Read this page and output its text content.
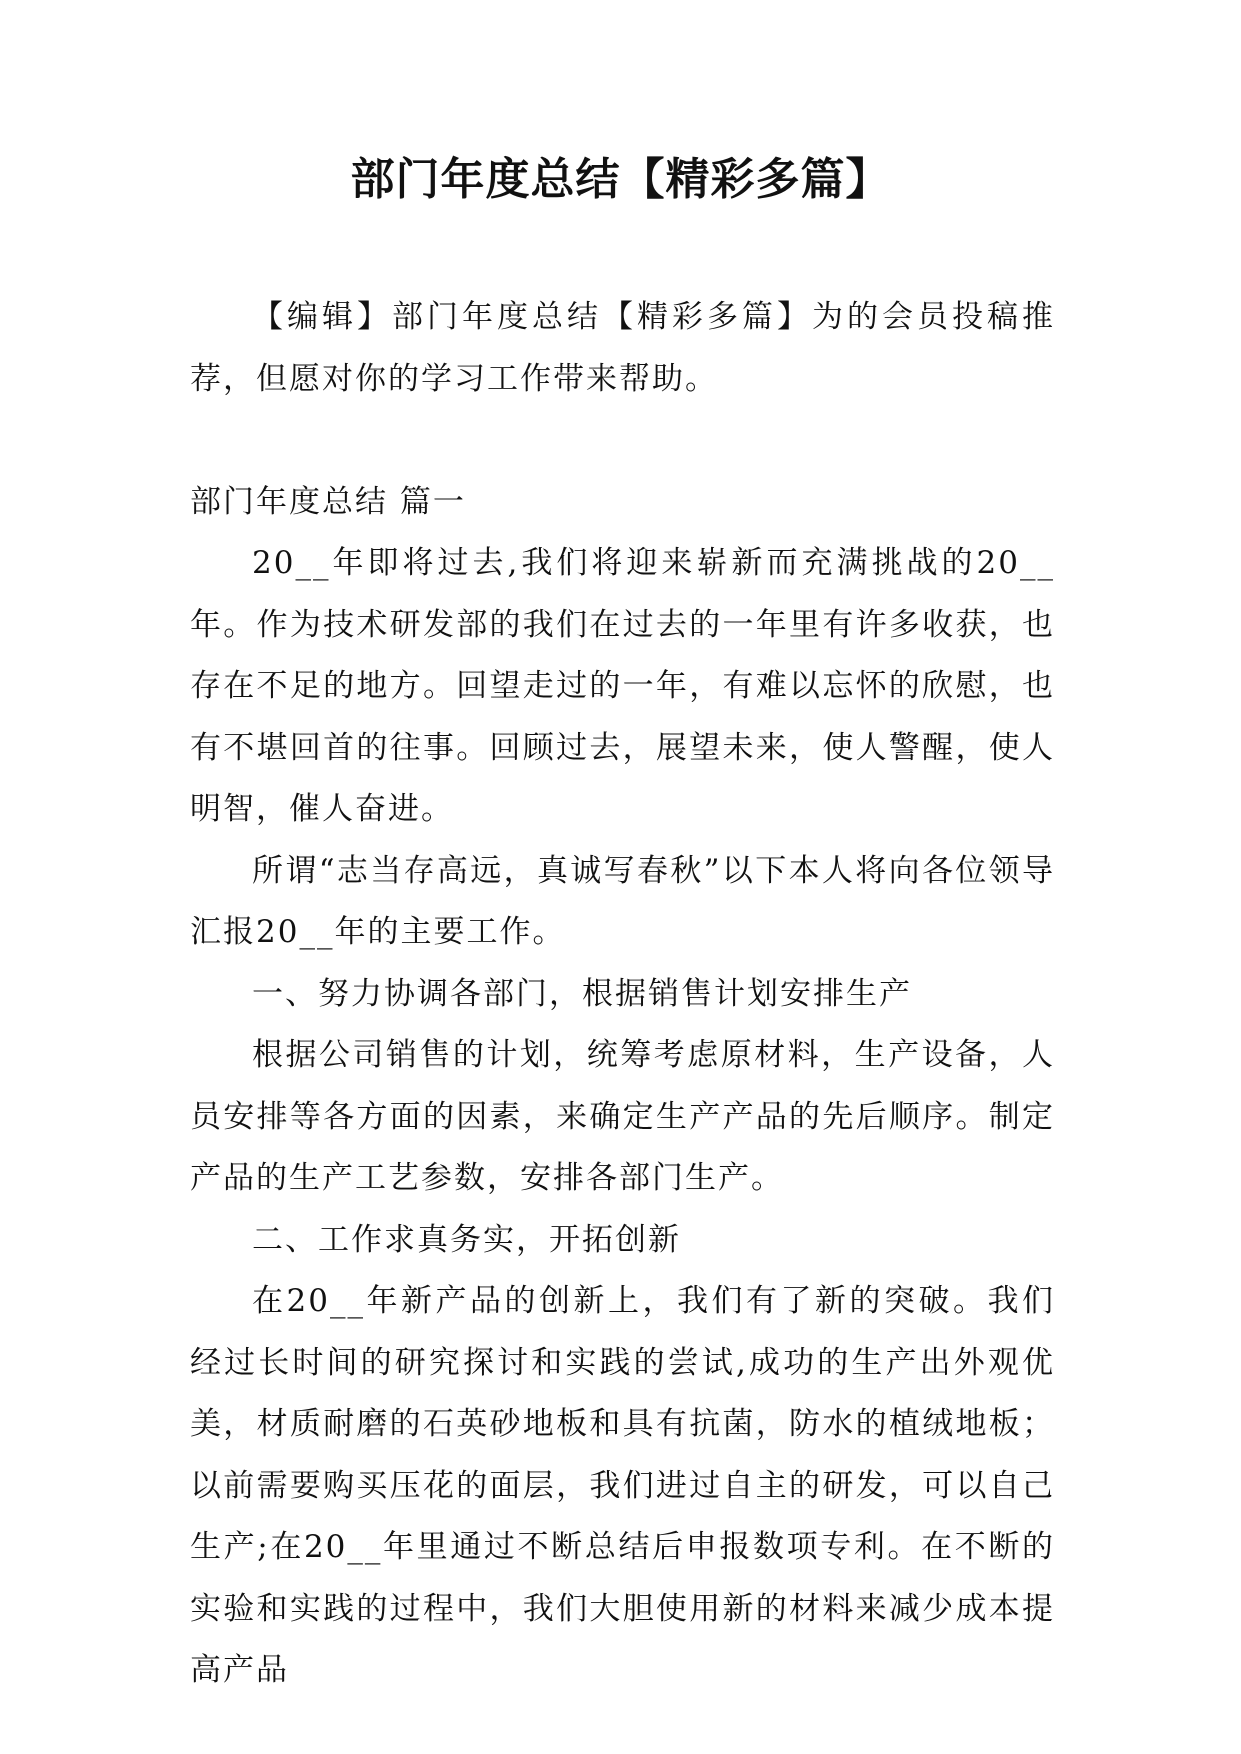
部门年度总结【精彩多篇】

【编辑】部门年度总结【精彩多篇】为的会员投稿推荐，但愿对你的学习工作带来帮助。

部门年度总结 篇一

20__年即将过去,我们将迎来崭新而充满挑战的20__年。作为技术研发部的我们在过去的一年里有许多收获，也存在不足的地方。回望走过的一年，有难以忘怀的欣慰，也有不堪回首的往事。回顾过去，展望未来，使人警醒，使人明智，催人奋进。

所谓“志当存高远，真诚写春秋”以下本人将向各位领导汇报20__年的主要工作。

一、努力协调各部门，根据销售计划安排生产

根据公司销售的计划，统筹考虑原材料，生产设备，人员安排等各方面的因素，来确定生产产品的先后顺序。制定产品的生产工艺参数，安排各部门生产。

二、工作求真务实，开拓创新

在20__年新产品的创新上，我们有了新的突破。我们经过长时间的研究探讨和实践的尝试,成功的生产出外观优美，材质耐磨的石英砂地板和具有抗菌，防水的植绒地板；以前需要购买压花的面层，我们进过自主的研发，可以自己生产;在20__年里通过不断总结后申报数项专利。在不断的实验和实践的过程中，我们大胆使用新的材料来减少成本提高产品
